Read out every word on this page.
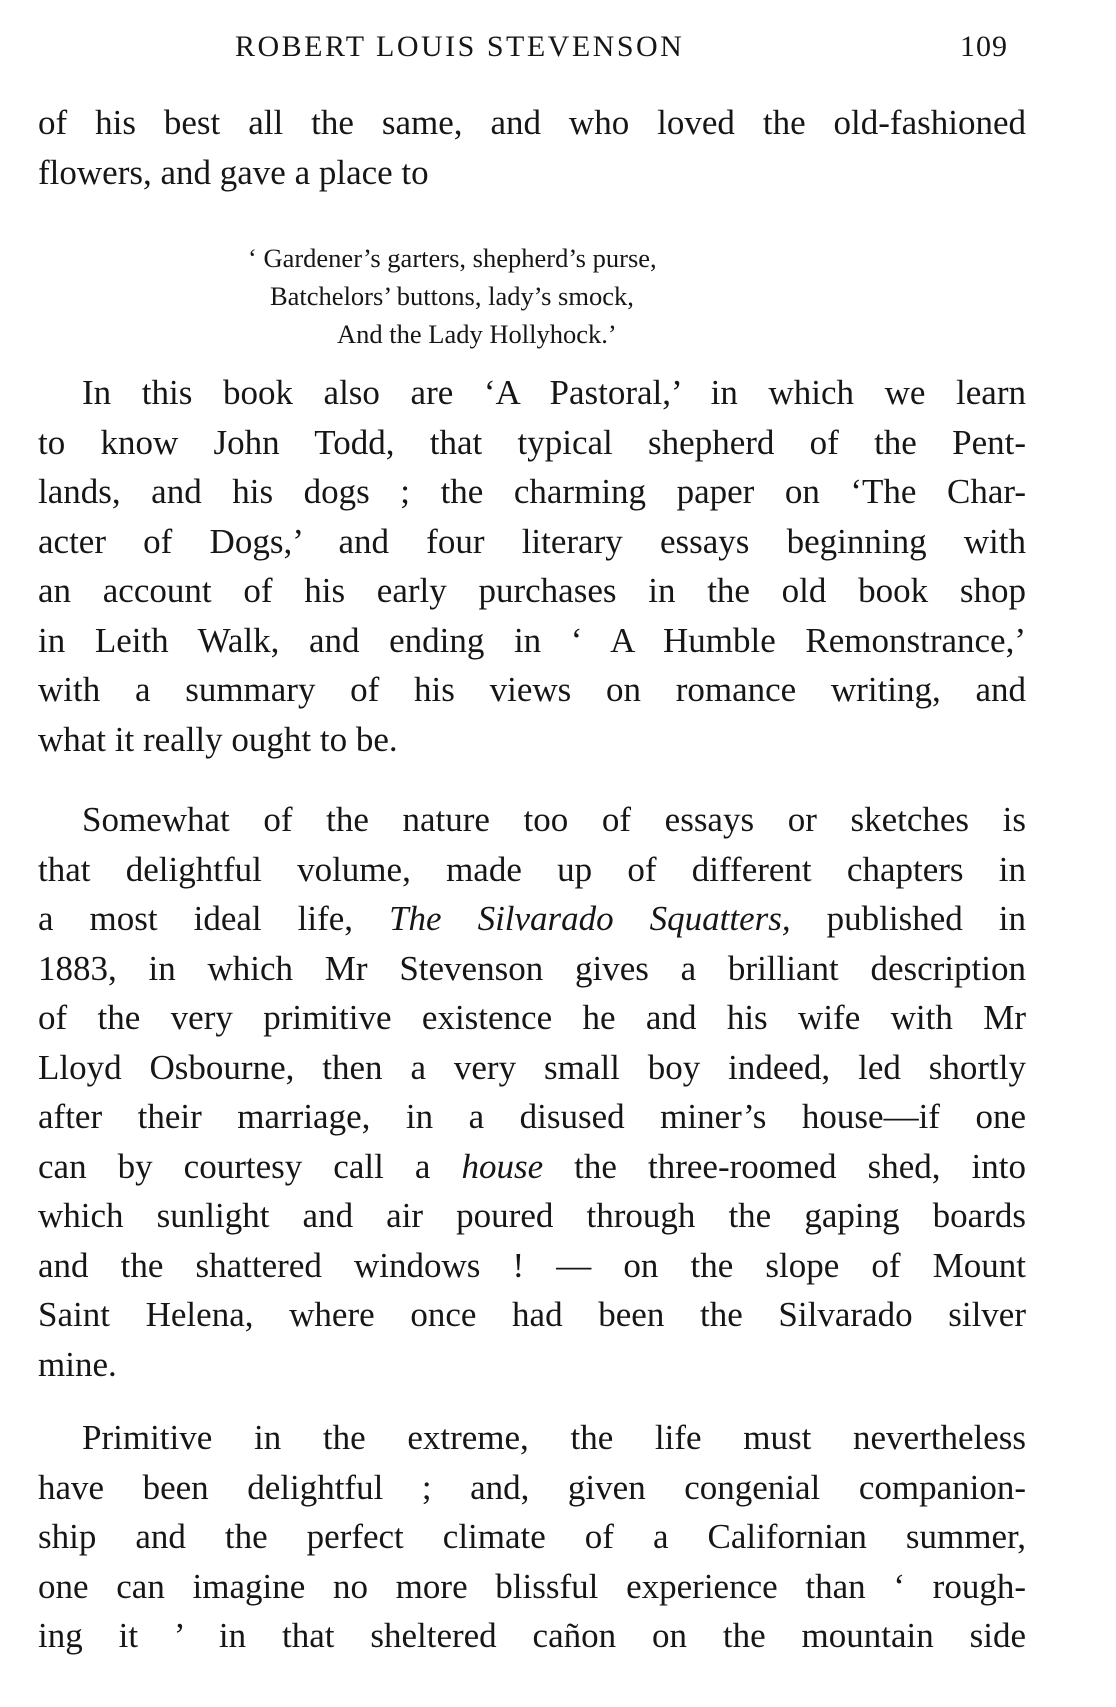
ROBERT LOUIS STEVENSON	109
of his best all the same, and who loved the old-fashioned
flowers, and gave a place to
‘ Gardener’s garters, shepherd’s purse,
Batchelors’ buttons, lady’s smock,
And the Lady Hollyhock.’
In this book also are ‘A Pastoral,’ in which we learn
to know John Todd, that typical shepherd of the Pent-
lands, and his dogs ; the charming paper on ‘The Char-
acter of Dogs,’ and four literary essays beginning with
an account of his early purchases in the old book shop
in Leith Walk, and ending in ‘ A Humble Remonstrance,’
with a summary of his views on romance writing, and
what it really ought to be.
Somewhat of the nature too of essays or sketches is
that delightful volume, made up of different chapters in
a most ideal life, The Silvarado Squatters, published in
1883, in which Mr Stevenson gives a brilliant description
of the very primitive existence he and his wife with Mr
Lloyd Osbourne, then a very small boy indeed, led shortly
after their marriage, in a disused miner’s house—if one
can by courtesy call a house the three-roomed shed, into
which sunlight and air poured through the gaping boards
and the shattered windows ! — on the slope of Mount
Saint Helena, where once had been the Silvarado silver
mine.
Primitive in the extreme, the life must nevertheless
have been delightful ; and, given congenial companion-
ship and the perfect climate of a Californian summer,
one can imagine no more blissful experience than ‘ rough-
ing it ’ in that sheltered cañon on the mountain side
